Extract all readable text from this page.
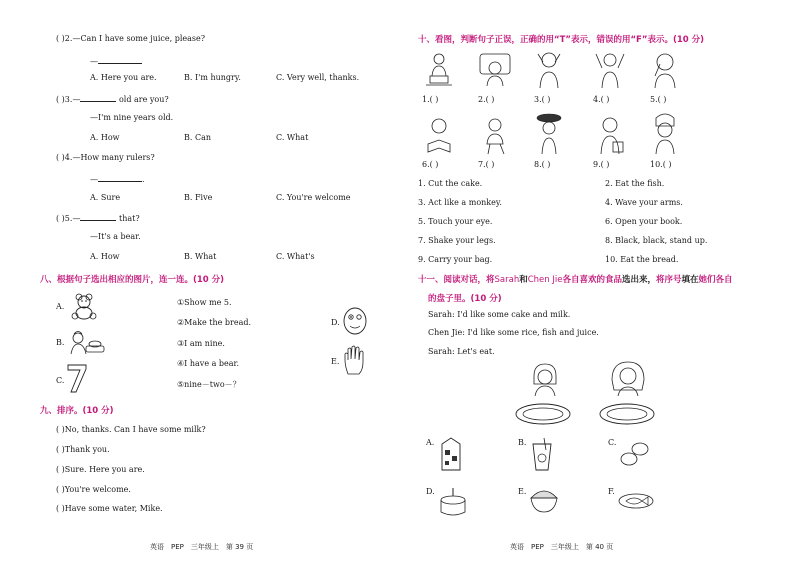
( )2.—Can I have some juice, please?
—
A. Here you are.	B. I'm hungry.	C. Very well, thanks.
( )3.—	old are you?
—I'm nine years old.
A. How	B. Can	C. What
( )4.—How many rulers?
—	.
A. Sure	B. Five	C. You're welcome
( )5.—	that?
—It's a bear.
A. How	B. What	C. What's
八、根据句子选出相应的图片，连一连。(10 分)
A.
B.
C.
①Show me 5.
②Make the bread.
③I am nine.
④I have a bear.
⑤nine－two－？
D.
E.
九、排序。(10 分)
( )No, thanks. Can I have some milk?
( )Thank you.
( )Sure. Here you are.
( )You're welcome.
( )Have some water, Mike.
英语　PEP　三年级上　第 39 页
十、看图，判断句子正误，正确的用“T”表示，错误的用“F”表示。(10 分)
1.( )	2.( )	3.( )	4.( )	5.( )
6.( )	7.( )	8.( )	9.( )	10.( )
1. Cut the cake.	2. Eat the fish.
3. Act like a monkey.	4. Wave your arms.
5. Touch your eye.	6. Open your book.
7. Shake your legs.	8. Black, black, stand up.
9. Carry your bag.	10. Eat the bread.
十一、阅读对话，将Sarah和Chen Jie各自喜欢的食品选出来，将序号填在她们各自
的盘子里。(10 分)
Sarah: I'd like some cake and milk.
Chen Jie: I'd like some rice, fish and juice.
Sarah: Let's eat.
A.	B.	C.
D.	E.	F.
英语　PEP　三年级上　第 40 页
